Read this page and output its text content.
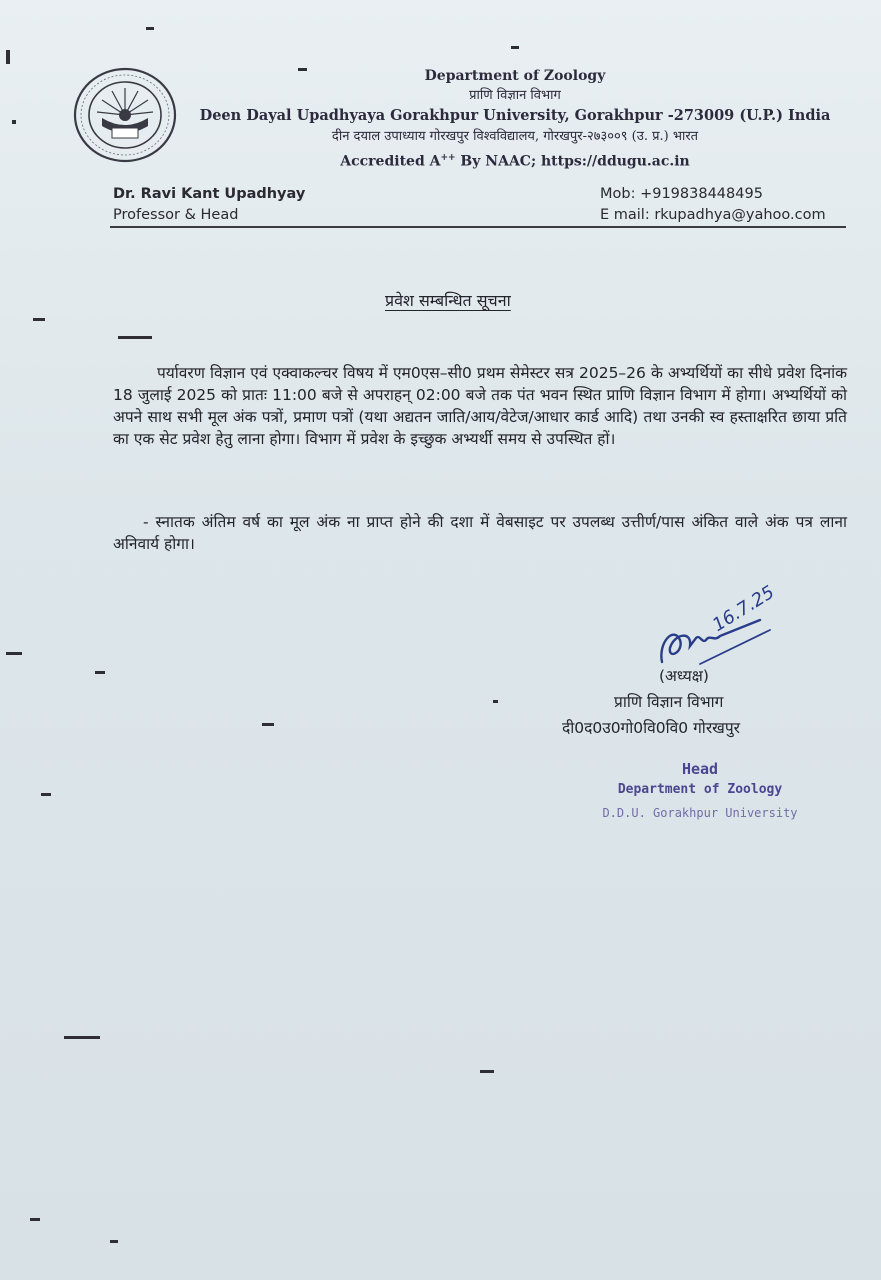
Department of Zoology
प्राणि विज्ञान विभाग
Deen Dayal Upadhyaya Gorakhpur University, Gorakhpur -273009 (U.P.) India
दीन दयाल उपाध्याय गोरखपुर विश्वविद्यालय, गोरखपुर-२७३००९ (उ. प्र.) भारत
Accredited A++ By NAAC; https://ddugu.ac.in
Dr. Ravi Kant Upadhyay
Professor & Head
Mob: +919838448495
E mail: rkupadhya@yahoo.com
प्रवेश सम्बन्धित सूचना
पर्यावरण विज्ञान एवं एक्वाकल्चर विषय में एम0एस–सी0 प्रथम सेमेस्टर सत्र 2025–26 के अभ्यर्थियों का सीधे प्रवेश दिनांक 18 जुलाई 2025 को प्रातः 11:00 बजे से अपराहन् 02:00 बजे तक पंत भवन स्थित प्राणि विज्ञान विभाग में होगा। अभ्यर्थियों को अपने साथ सभी मूल अंक पत्रों, प्रमाण पत्रों (यथा अद्यतन जाति/आय/वेटेज/आधार कार्ड आदि) तथा उनकी स्व हस्ताक्षरित छाया प्रति का एक सेट प्रवेश हेतु लाना होगा। विभाग में प्रवेश के इच्छुक अभ्यर्थी समय से उपस्थित हों।
- स्नातक अंतिम वर्ष का मूल अंक ना प्राप्त होने की दशा में वेबसाइट पर उपलब्ध उत्तीर्ण/पास अंकित वाले अंक पत्र लाना अनिवार्य होगा।
16.7.25
(अध्यक्ष)
प्राणि विज्ञान विभाग
दी0द0उ0गो0वि0वि0 गोरखपुर
Head
Department of Zoology
D.D.U. Gorakhpur University
